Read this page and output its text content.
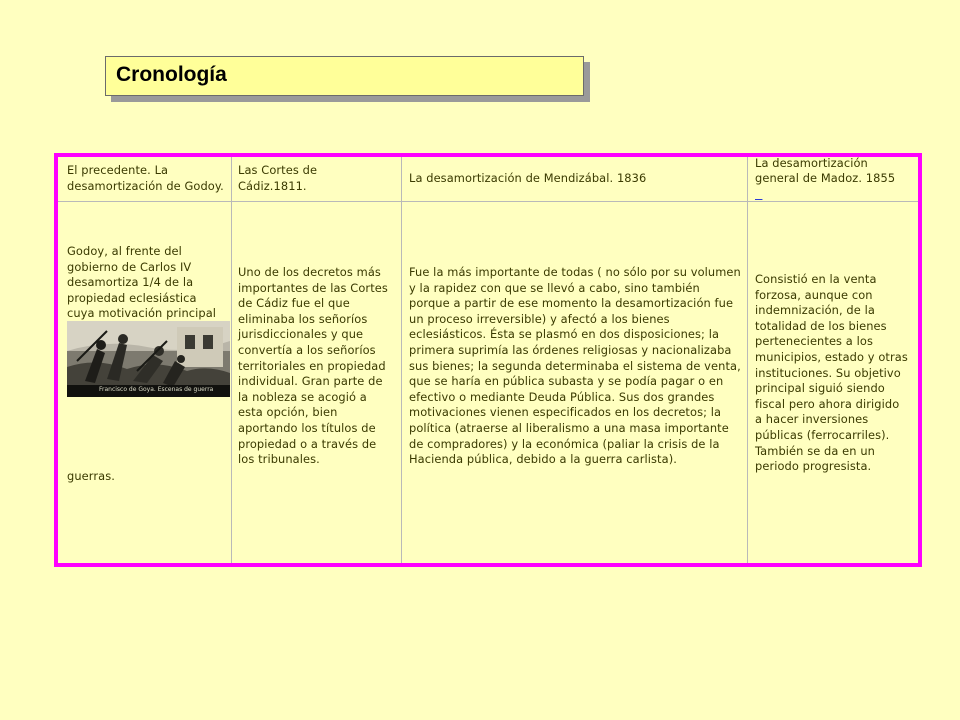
Cronología
El precedente. La desamortización de Godoy.
Las Cortes de Cádiz.1811.
La desamortización de Mendizábal. 1836
La desamortización general de Madoz. 1855

Godoy, al frente del gobierno de Carlos IV desamortiza 1/4 de la propiedad eclesiástica cuya motivación principal
Francisco de Goya. Escenas de guerra
guerras.
Uno de los decretos más importantes de las Cortes de Cádiz fue el que eliminaba los señoríos jurisdiccionales y que convertía a los señoríos territoriales en propiedad individual. Gran parte de la nobleza se acogió a esta opción, bien aportando los títulos de propiedad o a través de los tribunales.
Fue la más importante de todas ( no sólo por su volumen y la rapidez con que se llevó a cabo, sino también porque a partir de ese momento la desamortización fue un proceso irreversible) y afectó a los bienes eclesiásticos. Ésta se plasmó en dos disposiciones; la primera suprimía las órdenes religiosas y nacionalizaba sus bienes; la segunda determinaba el sistema de venta, que se haría en pública subasta y se podía pagar o en efectivo o mediante Deuda Pública. Sus dos grandes motivaciones vienen especificados en los decretos; la política (atraerse al liberalismo a una masa importante de compradores) y la económica (paliar la crisis de la Hacienda pública, debido a la guerra carlista).
Consistió en la venta forzosa, aunque con indemnización, de la totalidad de los bienes pertenecientes a los municipios, estado y otras instituciones. Su objetivo principal siguió siendo fiscal pero ahora dirigido a hacer inversiones públicas (ferrocarriles). También se da en un periodo progresista.
